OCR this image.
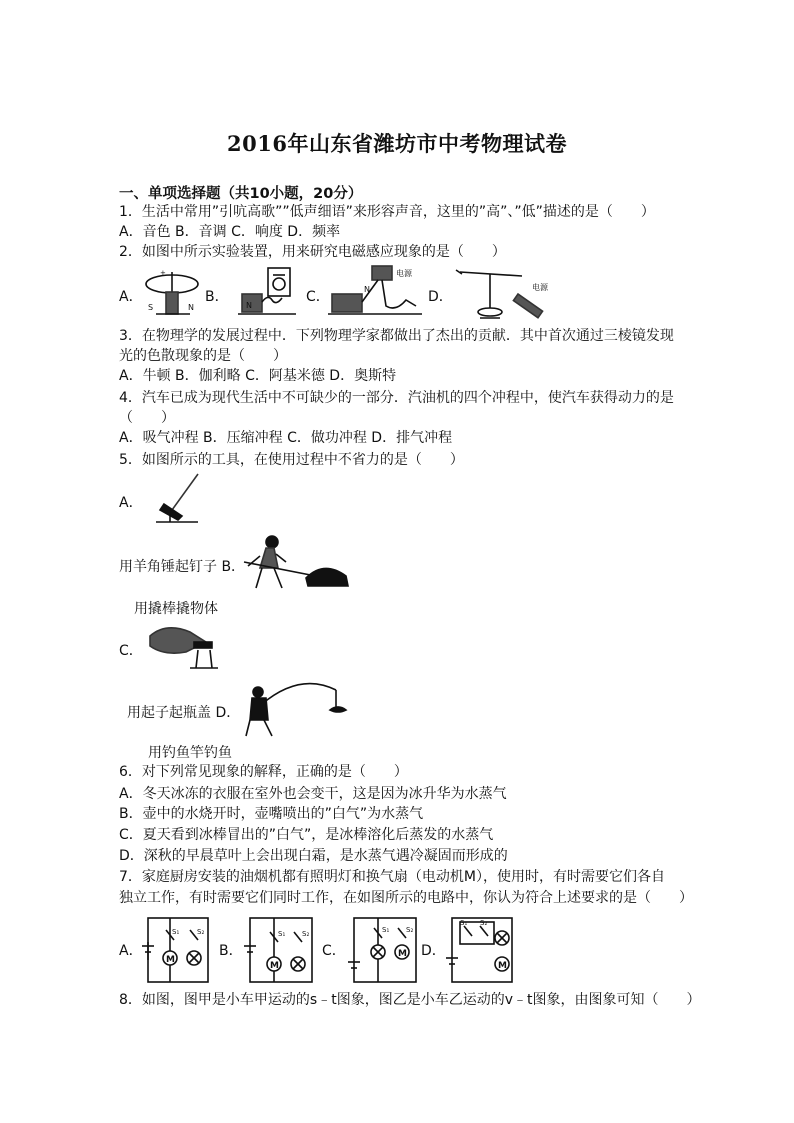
2016年山东省潍坊市中考物理试卷
一、单项选择题（共10小题，20分）
1．生活中常用”引吭高歌””低声细语”来形容声音，这里的”高”、”低”描述的是（　　）
A．音色 B．音调 C．响度 D．频率
2．如图中所示实验装置，用来研究电磁感应现象的是（　　）
A．
S	N
+
B．
N
C．
电源
N	D．
电源
3．在物理学的发展过程中．下列物理学家都做出了杰出的贡献．其中首次通过三棱镜发现
光的色散现象的是（　　）
A．牛顿 B．伽利略 C．阿基米德 D．奥斯特
4．汽车已成为现代生活中不可缺少的一部分．汽油机的四个冲程中，使汽车获得动力的是
（　　）
A．吸气冲程 B．压缩冲程 C．做功冲程 D．排气冲程
5．如图所示的工具，在使用过程中不省力的是（　　）
A．
用羊角锤起钉子 B．
用撬棒撬物体
C．
用起子起瓶盖 D．
用钓鱼竿钓鱼
6．对下列常见现象的解释，正确的是（　　）
A．冬天冰冻的衣服在室外也会变干，这是因为冰升华为水蒸气
B．壶中的水烧开时，壶嘴喷出的”白气”为水蒸气
C．夏天看到冰棒冒出的”白气”，是冰棒溶化后蒸发的水蒸气
D．深秋的早晨草叶上会出现白霜，是水蒸气遇冷凝固而形成的
7．家庭厨房安装的油烟机都有照明灯和换气扇（电动机M），使用时，有时需要它们各自
独立工作，有时需要它们同时工作，在如图所示的电路中，你认为符合上述要求的是（　　）
A．
S₁	S₂
M
B．
S₁ S₂
M
C．
S₁ S₂
M D．
S₁ S₂
M
8．如图，图甲是小车甲运动的s﹣t图象，图乙是小车乙运动的v﹣t图象，由图象可知（　　）
